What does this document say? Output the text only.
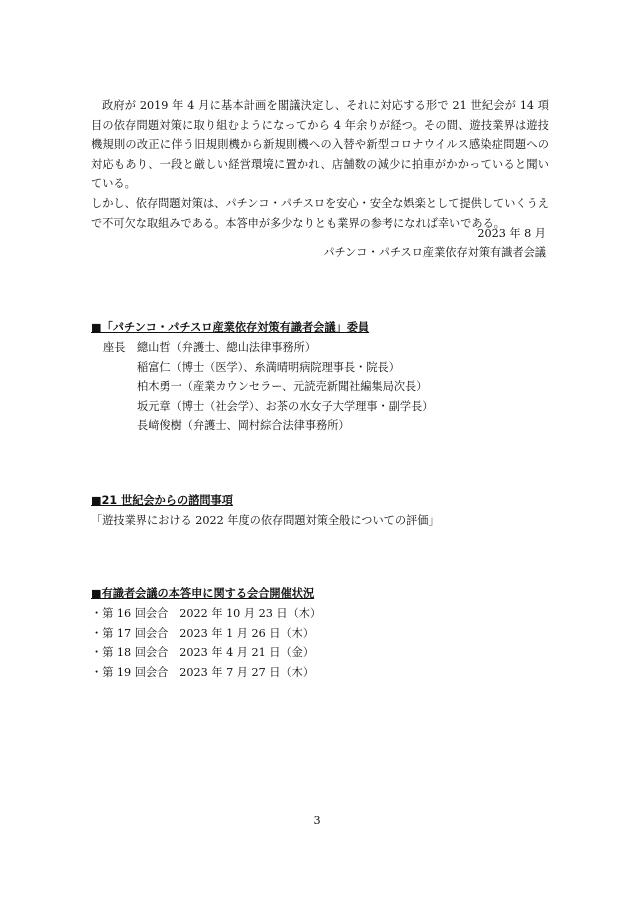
政府が 2019 年 4 月に基本計画を閣議決定し、それに対応する形で 21 世紀会が 14 項目の依存問題対策に取り組むようになってから 4 年余りが経つ。その間、遊技業界は遊技機規則の改正に伴う旧規則機から新規則機への入替や新型コロナウイルス感染症問題への対応もあり、一段と厳しい経営環境に置かれ、店舗数の減少に拍車がかかっていると聞いている。

しかし、依存問題対策は、パチンコ・パチスロを安心・安全な娯楽として提供していくうえで不可欠な取組みである。本答申が多少なりとも業界の参考になれば幸いである。

2023 年 8 月
パチンコ・パチスロ産業依存対策有識者会議
■「パチンコ・パチスロ産業依存対策有識者会議」委員
座長	總山哲（弁護士、總山法律事務所）
稲富仁（博士（医学）、糸満晴明病院理事長・院長）
柏木勇一（産業カウンセラー、元読売新聞社編集局次長）
坂元章（博士（社会学）、お茶の水女子大学理事・副学長）
長﨑俊樹（弁護士、岡村綜合法律事務所）
■21 世紀会からの諮問事項
「遊技業界における 2022 年度の依存問題対策全般についての評価」
■有識者会議の本答申に関する会合開催状況
・第 16 回会合 2022 年 10 月 23 日（木）
・第 17 回会合 2023 年 1 月 26 日（木）
・第 18 回会合 2023 年 4 月 21 日（金）
・第 19 回会合 2023 年 7 月 27 日（木）
3
